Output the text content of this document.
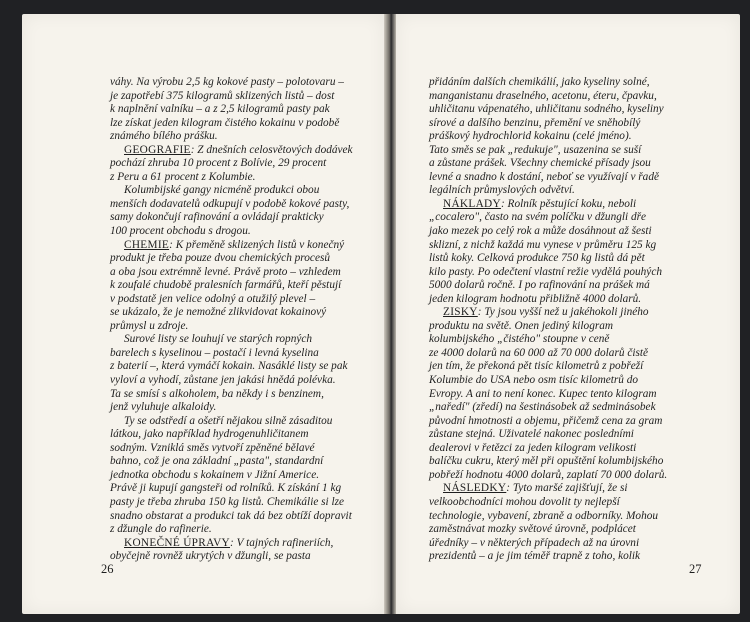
váhy. Na výrobu 2,5 kg kokové pasty – polotovaru –
je zapotřebí 375 kilogramů sklizených listů – dost
k naplnění valníku – a z 2,5 kilogramů pasty pak
lze získat jeden kilogram čistého kokainu v podobě
známého bílého prášku.
GEOGRAFIE: Z dnešních celosvětových dodávek
pochází zhruba 10 procent z Bolívie, 29 procent
z Peru a 61 procent z Kolumbie.
Kolumbijské gangy nicméně produkci obou
menších dodavatelů odkupují v podobě kokové pasty,
samy dokončují rafinování a ovládají prakticky
100 procent obchodu s drogou.
CHEMIE: K přeměně sklizených listů v konečný
produkt je třeba pouze dvou chemických procesů
a oba jsou extrémně levné. Právě proto – vzhledem
k zoufalé chudobě pralesních farmářů, kteří pěstují
v podstatě jen velice odolný a otužilý plevel –
se ukázalo, že je nemožné zlikvidovat kokainový
průmysl u zdroje.
Surové listy se louhují ve starých ropných
barelech s kyselinou – postačí i levná kyselina
z baterií –, která vymáčí kokain. Nasáklé listy se pak
vyloví a vyhodí, zůstane jen jakási hnědá polévka.
Ta se smísí s alkoholem, ba někdy i s benzinem,
jenž vyluhuje alkaloidy.
Ty se odstředí a ošetří nějakou silně zásaditou
látkou, jako například hydrogenuhličitanem
sodným. Vzniklá směs vytvoří zpěněné bělavé
bahno, což je ona základní „pasta", standardní
jednotka obchodu s kokainem v Jižní Americe.
Právě ji kupují gangsteři od rolníků. K získání 1 kg
pasty je třeba zhruba 150 kg listů. Chemikálie si lze
snadno obstarat a produkci tak dá bez obtíží dopravit
z džungle do rafinerie.
KONEČNÉ ÚPRAVY: V tajných rafineriích,
obyčejně rovněž ukrytých v džungli, se pasta
26
přidáním dalších chemikálií, jako kyseliny solné,
manganistanu draselného, acetonu, éteru, čpavku,
uhličitanu vápenatého, uhličitanu sodného, kyseliny
sírové a dalšího benzinu, přemění ve sněhobílý
práškový hydrochlorid kokainu (celé jméno).
Tato směs se pak „redukuje", usazenina se suší
a zůstane prášek. Všechny chemické přísady jsou
levné a snadno k dostání, neboť se využívají v řadě
legálních průmyslových odvětví.
NÁKLADY: Rolník pěstující koku, neboli
„cocalero", často na svém políčku v džungli dře
jako mezek po celý rok a může dosáhnout až šesti
sklizní, z nichž každá mu vynese v průměru 125 kg
listů koky. Celková produkce 750 kg listů dá pět
kilo pasty. Po odečtení vlastní režie vydělá pouhých
5000 dolarů ročně. I po rafinování na prášek má
jeden kilogram hodnotu přibližně 4000 dolarů.
ZISKY: Ty jsou vyšší než u jakéhokoli jiného
produktu na světě. Onen jediný kilogram
kolumbijského „čistého" stoupne v ceně
ze 4000 dolarů na 60 000 až 70 000 dolarů čistě
jen tím, že překoná pět tisíc kilometrů z pobřeží
Kolumbie do USA nebo osm tisíc kilometrů do
Evropy. A ani to není konec. Kupec tento kilogram
„naředí" (zředí) na šestinásobek až sedminásobek
původní hmotnosti a objemu, přičemž cena za gram
zůstane stejná. Uživatelé nakonec posledními
dealerovi v řetězci za jeden kilogram velikosti
balíčku cukru, který měl při opuštění kolumbijského
pobřeží hodnotu 4000 dolarů, zaplatí 70 000 dolarů.
NÁSLEDKY: Tyto maršé zajišťují, že si
velkoobchodníci mohou dovolit ty nejlepší
technologie, vybavení, zbraně a odborníky. Mohou
zaměstnávat mozky světové úrovně, podplácet
úředníky – v některých případech až na úrovni
prezidentů – a je jim téměř trapně z toho, kolik
27
